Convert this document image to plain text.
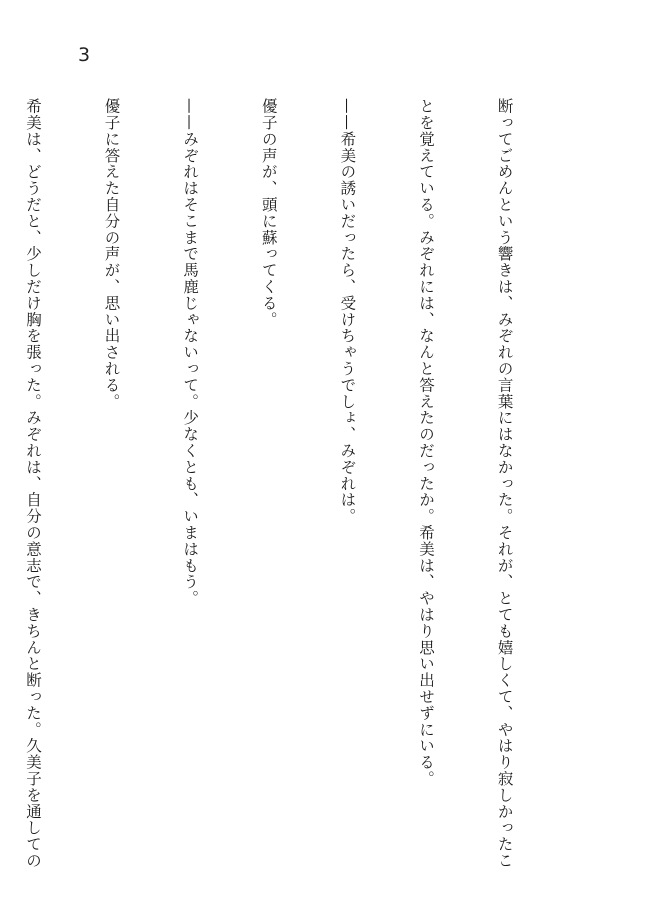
3

断ってごめんという響きは、みぞれの言葉にはなかった。それが、とても嬉しくて、やはり寂しかったこ

とを覚えている。みぞれには、なんと答えたのだったか。希美は、やはり思い出せずにいる。

——希美の誘いだったら、受けちゃうでしょ、みぞれは。

優子の声が、頭に蘇ってくる。

——みぞれはそこまで馬鹿じゃないって。少なくとも、いまはもう。

優子に答えた自分の声が、思い出される。

希美は、どうだと、少しだけ胸を張った。みぞれは、自分の意志で、きちんと断った。久美子を通しての
